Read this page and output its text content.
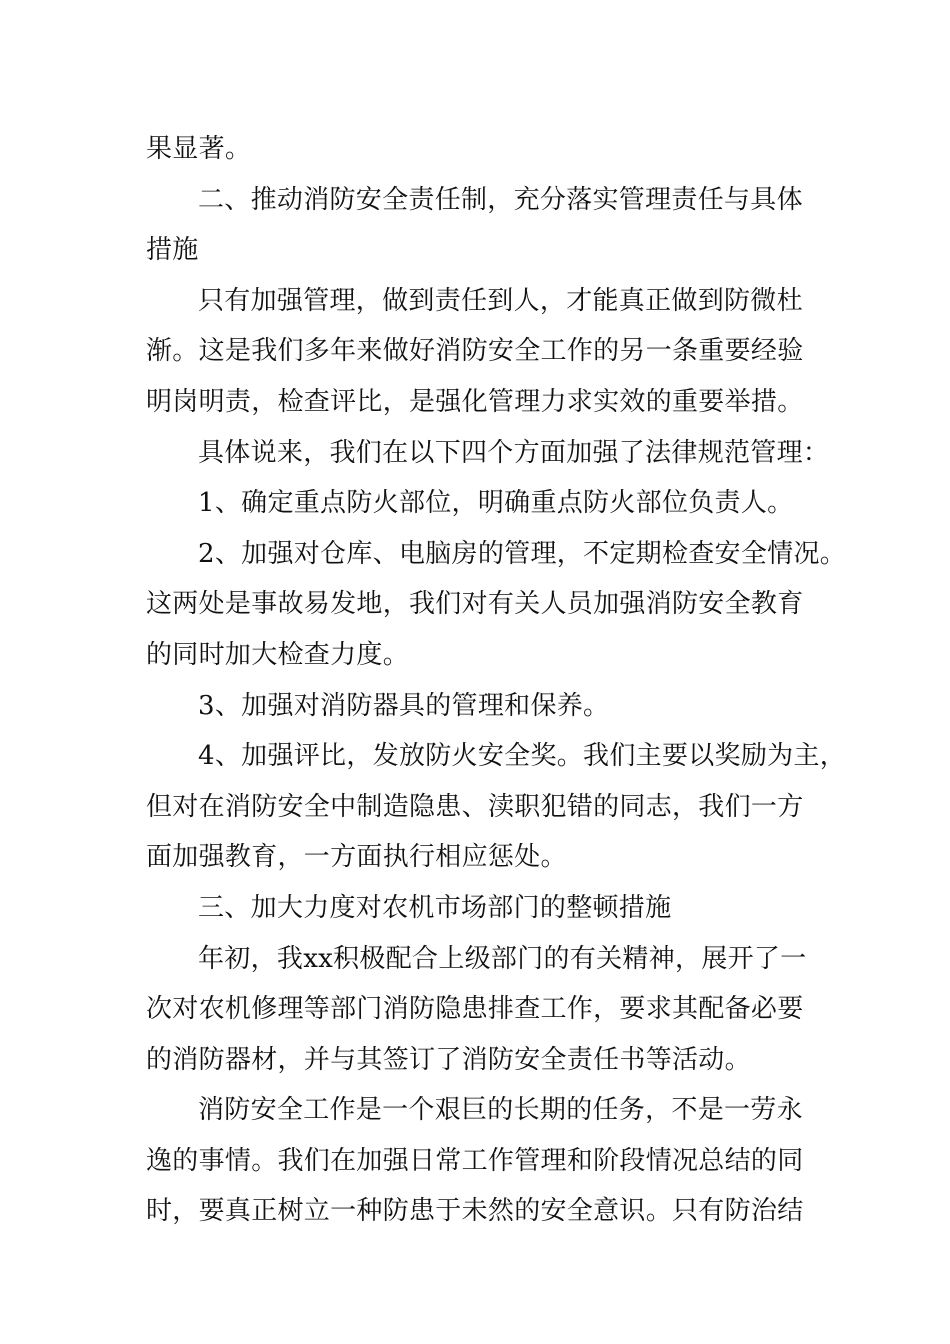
果显著。
二、推动消防安全责任制，充分落实管理责任与具体
措施
只有加强管理，做到责任到人，才能真正做到防微杜
渐。这是我们多年来做好消防安全工作的另一条重要经验
明岗明责，检查评比，是强化管理力求实效的重要举措。
具体说来，我们在以下四个方面加强了法律规范管理：
1、确定重点防火部位，明确重点防火部位负责人。
2、加强对仓库、电脑房的管理，不定期检查安全情况。
这两处是事故易发地，我们对有关人员加强消防安全教育
的同时加大检查力度。
3、加强对消防器具的管理和保养。
4、加强评比，发放防火安全奖。我们主要以奖励为主，
但对在消防安全中制造隐患、渎职犯错的同志，我们一方
面加强教育，一方面执行相应惩处。
三、加大力度对农机市场部门的整顿措施
年初，我xx积极配合上级部门的有关精神，展开了一
次对农机修理等部门消防隐患排查工作，要求其配备必要
的消防器材，并与其签订了消防安全责任书等活动。
消防安全工作是一个艰巨的长期的任务，不是一劳永
逸的事情。我们在加强日常工作管理和阶段情况总结的同
时，要真正树立一种防患于未然的安全意识。只有防治结
